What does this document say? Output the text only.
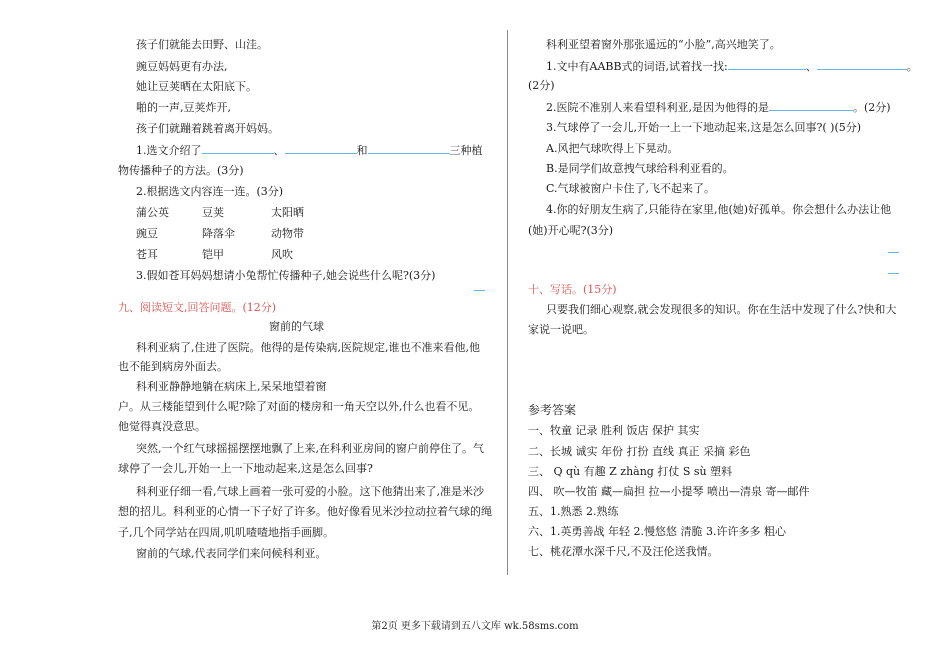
孩子们就能去田野、山洼。
豌豆妈妈更有办法,
她让豆荚晒在太阳底下。
啪的一声,豆荚炸开,
孩子们就蹦着跳着离开妈妈。
1.选文介绍了	、	和	三种植
物传播种子的方法。(3分)
2.根据选文内容连一连。(3分)
蒲公英	豆荚	太阳晒
豌豆	降落伞	动物带
苍耳	铠甲	风吹
3.假如苍耳妈妈想请小兔帮忙传播种子,她会说些什么呢?(3分)
九、阅读短文,回答问题。(12分)
窗前的气球
科利亚病了,住进了医院。他得的是传染病,医院规定,谁也不准来看他,他
也不能到病房外面去。
科利亚静静地躺在病床上,呆呆地望着窗
户。从三楼能望到什么呢?除了对面的楼房和一角天空以外,什么也看不见。
他觉得真没意思。
突然,一个红气球摇摇摆摆地飘了上来,在科利亚房间的窗户前停住了。气
球停了一会儿,开始一上一下地动起来,这是怎么回事?
科利亚仔细一看,气球上画着一张可爱的小脸。这下他猜出来了,准是米沙
想的招儿。科利亚的心情一下子好了许多。他好像看见米沙拉动拉着气球的绳
子,几个同学站在四周,叽叽喳喳地指手画脚。
窗前的气球,代表同学们来问候科利亚。
科利亚望着窗外那张遥远的“小脸”,高兴地笑了。
1.文中有AABB式的词语,试着找一找:	、	。
(2分)
2.医院不准别人来看望科利亚,是因为他得的是	。(2分)
3.气球停了一会儿,开始一上一下地动起来,这是怎么回事?( )(5分)
A.风把气球吹得上下晃动。
B.是同学们故意拽气球给科利亚看的。
C.气球被窗户卡住了,飞不起来了。
4.你的好朋友生病了,只能待在家里,他(她)好孤单。你会想什么办法让他
(她)开心呢?(3分)
十、写话。(15分)
只要我们细心观察,就会发现很多的知识。你在生活中发现了什么?快和大
家说一说吧。
参考答案
一、牧童 记录 胜利 饭店 保护 其实
二、长城 诚实 年份 打扮 直线 真正 采摘 彩色
三、 Q qù 有趣 Z zhàng 打仗 S sù 塑料
四、 吹—牧笛 藏—扁担 拉—小提琴 喷出—清泉 寄—邮件
五、1.熟悉 2.熟练
六、1.英勇善战 年轻 2.慢悠悠 清脆 3.许许多多 粗心
七、桃花潭水深千尺,不及汪伦送我情。
第2页 更多下载请到五八文库 wk.58sms.com
